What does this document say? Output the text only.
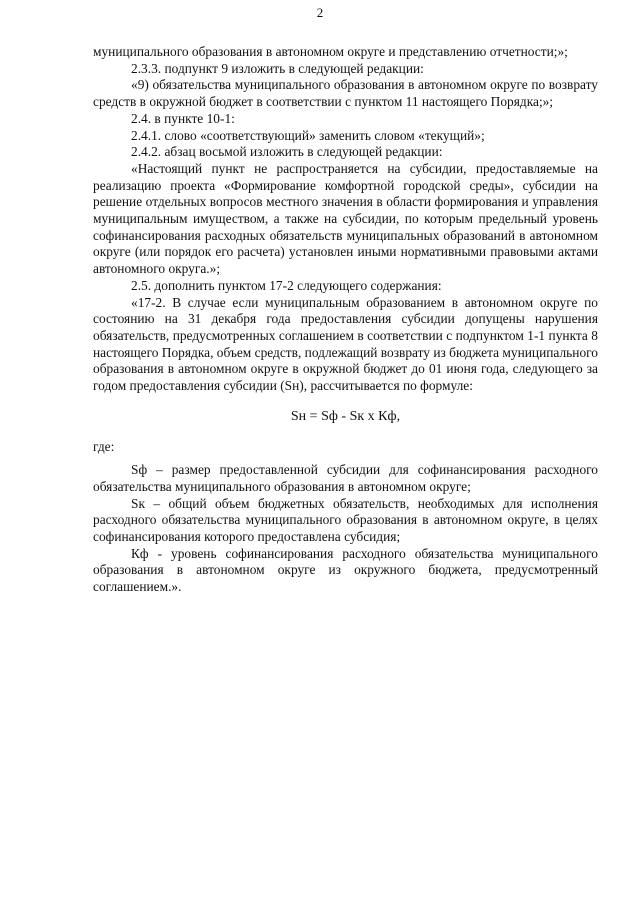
2

муниципального образования в автономном округе и представлению отчетности;»;

2.3.3. подпункт 9 изложить в следующей редакции:

«9) обязательства муниципального образования в автономном округе по возврату средств в окружной бюджет в соответствии с пунктом 11 настоящего Порядка;»;

2.4. в пункте 10-1:

2.4.1. слово «соответствующий» заменить словом «текущий»;

2.4.2. абзац восьмой изложить в следующей редакции:

«Настоящий пункт не распространяется на субсидии, предоставляемые на реализацию проекта «Формирование комфортной городской среды», субсидии на решение отдельных вопросов местного значения в области формирования и управления муниципальным имуществом, а также на субсидии, по которым предельный уровень софинансирования расходных обязательств муниципальных образований в автономном округе (или порядок его расчета) установлен иными нормативными правовыми актами автономного округа.»;

2.5. дополнить пунктом 17-2 следующего содержания:

«17-2. В случае если муниципальным образованием в автономном округе по состоянию на 31 декабря года предоставления субсидии допущены нарушения обязательств, предусмотренных соглашением в соответствии с подпунктом 1-1 пункта 8 настоящего Порядка, объем средств, подлежащий возврату из бюджета муниципального образования в автономном округе в окружной бюджет до 01 июня года, следующего за годом предоставления субсидии (Sн), рассчитывается по формуле:

Sн = Sф - Sк х Кф,

где:

Sф – размер предоставленной субсидии для софинансирования расходного обязательства муниципального образования в автономном округе;

Sк – общий объем бюджетных обязательств, необходимых для исполнения расходного обязательства муниципального образования в автономном округе, в целях софинансирования которого предоставлена субсидия;

Кф - уровень софинансирования расходного обязательства муниципального образования в автономном округе из окружного бюджета, предусмотренный соглашением.».
